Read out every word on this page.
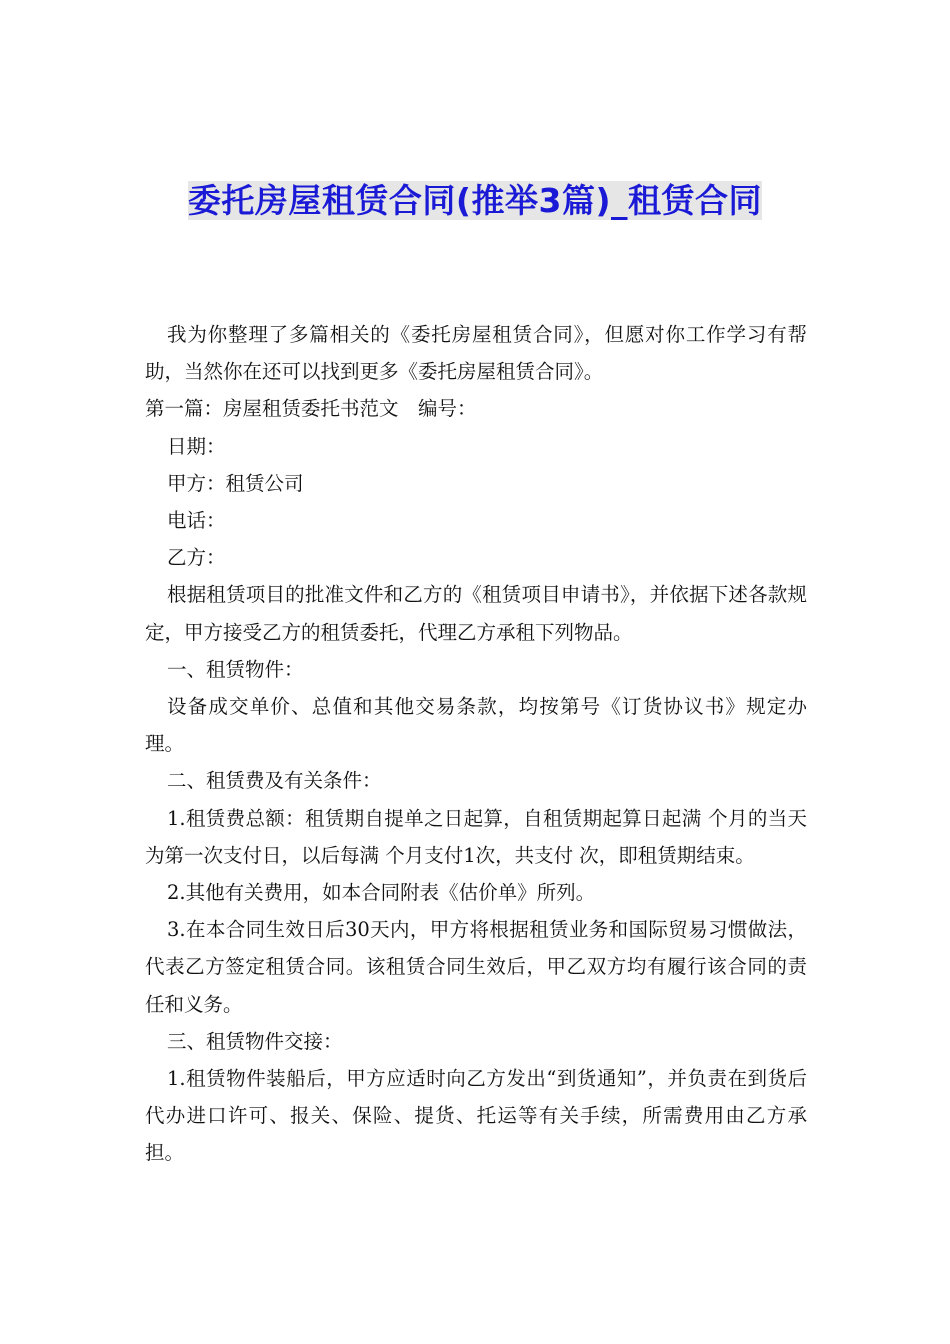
委托房屋租赁合同(推举3篇)_租赁合同

我为你整理了多篇相关的《委托房屋租赁合同》，但愿对你工作学习有帮助，当然你在还可以找到更多《委托房屋租赁合同》。

第一篇：房屋租赁委托书范文　编号：

日期：

甲方：租赁公司

电话：

乙方：

根据租赁项目的批准文件和乙方的《租赁项目申请书》，并依据下述各款规定，甲方接受乙方的租赁委托，代理乙方承租下列物品。

一、租赁物件：

设备成交单价、总值和其他交易条款，均按第号《订货协议书》规定办理。

二、租赁费及有关条件：

1.租赁费总额：租赁期自提单之日起算，自租赁期起算日起满 个月的当天为第一次支付日，以后每满 个月支付1次，共支付 次，即租赁期结束。

2.其他有关费用，如本合同附表《估价单》所列。

3.在本合同生效日后30天内，甲方将根据租赁业务和国际贸易习惯做法，代表乙方签定租赁合同。该租赁合同生效后，甲乙双方均有履行该合同的责任和义务。

三、租赁物件交接：

1.租赁物件装船后，甲方应适时向乙方发出“到货通知”，并负责在到货后代办进口许可、报关、保险、提货、托运等有关手续，所需费用由乙方承担。
